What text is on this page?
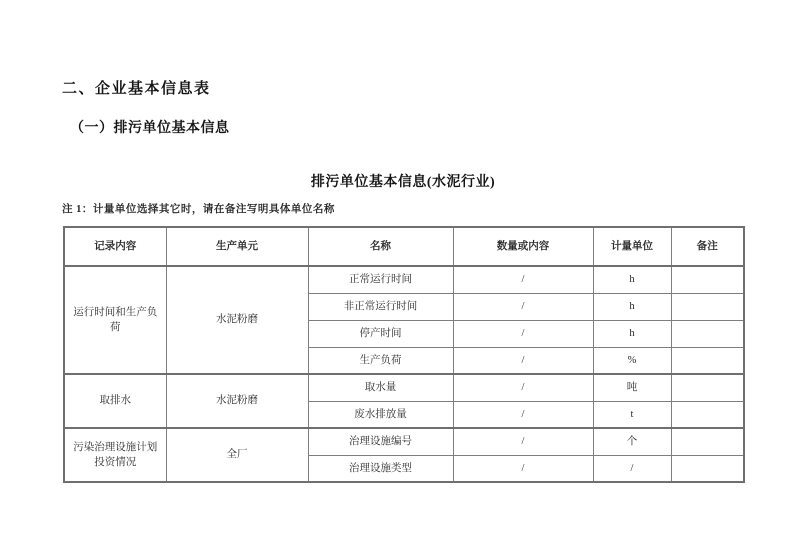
二、企业基本信息表
（一）排污单位基本信息
排污单位基本信息(水泥行业)
注 1：计量单位选择其它时，请在备注写明具体单位名称
记录内容	生产单元	名称	数量或内容	计量单位	备注
运行时间和生产负荷	水泥粉磨	正常运行时间	/	h	
		非正常运行时间	/	h	
		停产时间	/	h	
		生产负荷	/	%	
取排水	水泥粉磨	取水量	/	吨	
		废水排放量	/	t	
污染治理设施计划投资情况	全厂	治理设施编号	/	个	
		治理设施类型	/	/	
